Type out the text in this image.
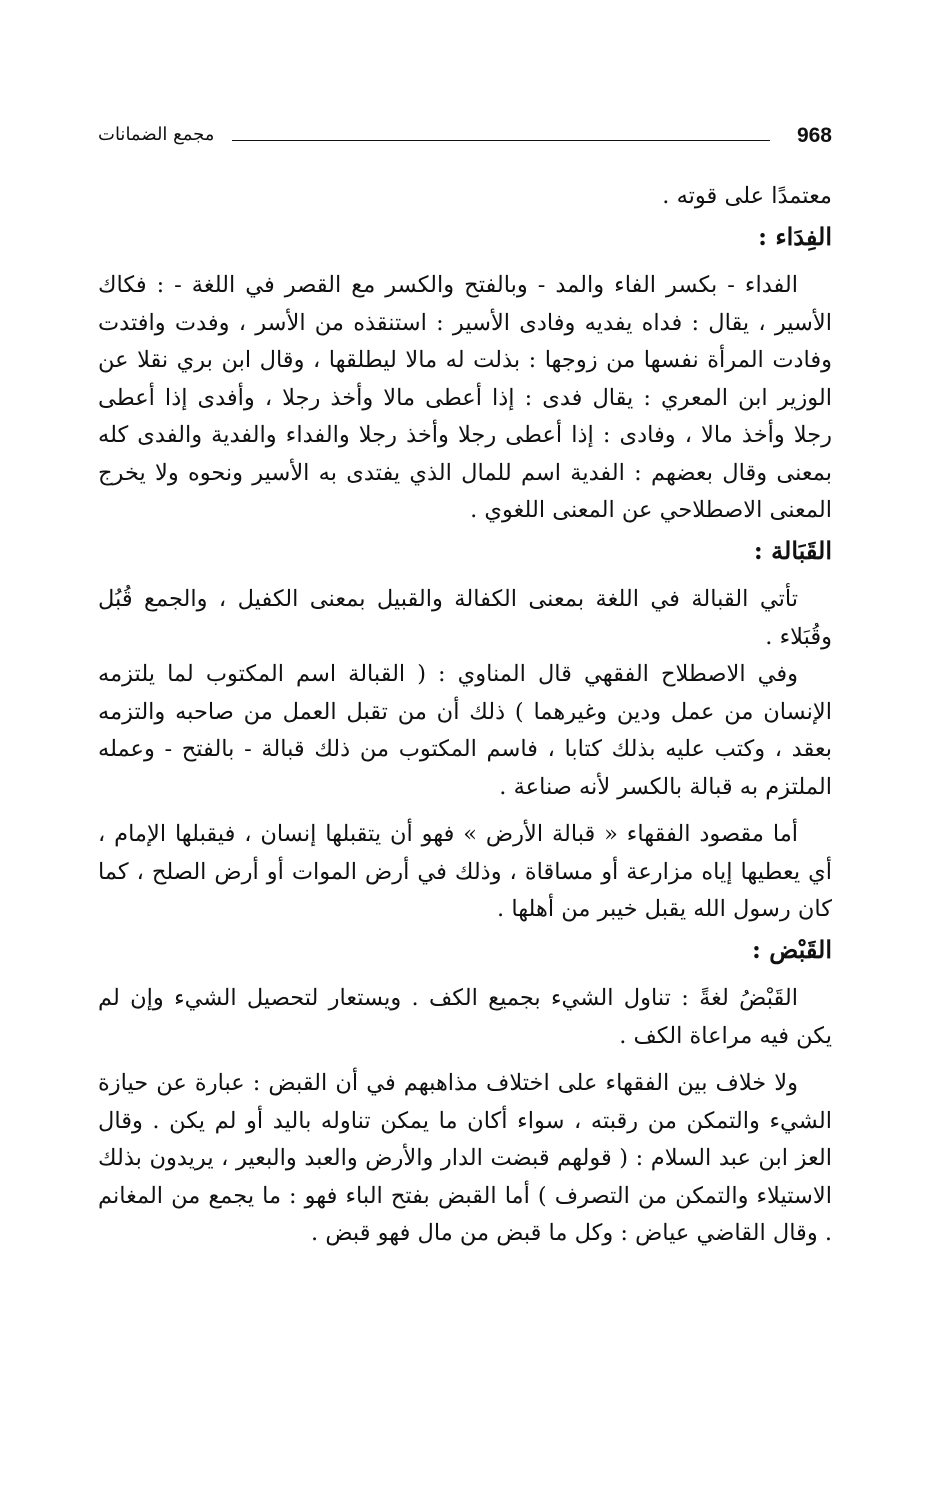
968
مجمع الضمانات

معتمدًا على قوته .

الفِدَاء :

الفداء - بكسر الفاء والمد - وبالفتح والكسر مع القصر في اللغة - : فكاك الأسير ، يقال : فداه يفديه وفادى الأسير : استنقذه من الأسر ، وفدت وافتدت وفادت المرأة نفسها من زوجها : بذلت له مالا ليطلقها ، وقال ابن بري نقلا عن الوزير ابن المعري : يقال فدى : إذا أعطى مالا وأخذ رجلا ، وأفدى إذا أعطى رجلا وأخذ مالا ، وفادى : إذا أعطى رجلا وأخذ رجلا والفداء والفدية والفدى كله بمعنى وقال بعضهم : الفدية اسم للمال الذي يفتدى به الأسير ونحوه ولا يخرج المعنى الاصطلاحي عن المعنى اللغوي .

القَبَالة :

تأتي القبالة في اللغة بمعنى الكفالة والقبيل بمعنى الكفيل ، والجمع قُبُل وقُبَلاء .

وفي الاصطلاح الفقهي قال المناوي : ( القبالة اسم المكتوب لما يلتزمه الإنسان من عمل ودين وغيرهما ) ذلك أن من تقبل العمل من صاحبه والتزمه بعقد ، وكتب عليه بذلك كتابا ، فاسم المكتوب من ذلك قبالة - بالفتح - وعمله الملتزم به قبالة بالكسر لأنه صناعة .

أما مقصود الفقهاء « قبالة الأرض » فهو أن يتقبلها إنسان ، فيقبلها الإمام ، أي يعطيها إياه مزارعة أو مساقاة ، وذلك في أرض الموات أو أرض الصلح ، كما كان رسول الله يقبل خيبر من أهلها .

القَبْض :

القَبْضُ لغةً : تناول الشيء بجميع الكف . ويستعار لتحصيل الشيء وإن لم يكن فيه مراعاة الكف .

ولا خلاف بين الفقهاء على اختلاف مذاهبهم في أن القبض : عبارة عن حيازة الشيء والتمكن من رقبته ، سواء أكان ما يمكن تناوله باليد أو لم يكن . وقال العز ابن عبد السلام : ( قولهم قبضت الدار والأرض والعبد والبعير ، يريدون بذلك الاستيلاء والتمكن من التصرف ) أما القبض بفتح الباء فهو : ما يجمع من المغانم . وقال القاضي عياض : وكل ما قبض من مال فهو قبض .
